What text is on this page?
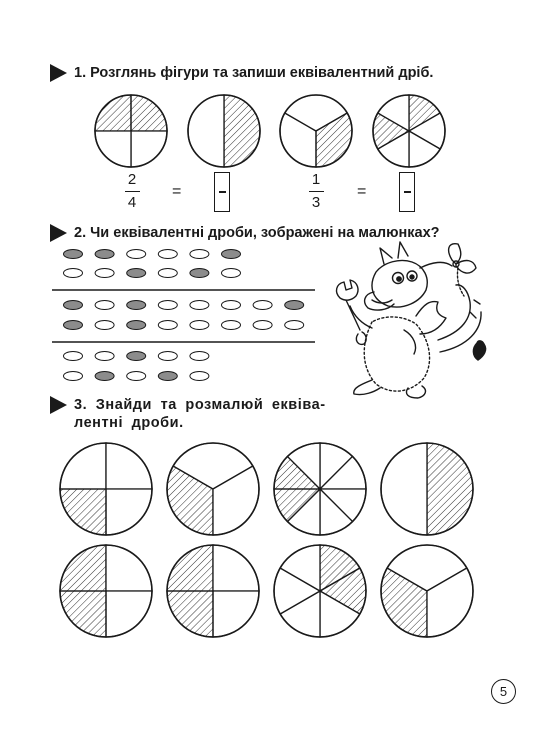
1. Розглянь фігури та запиши еквівалентний дріб.
2
4
=
1
3
=
2. Чи еквівалентні дроби, зображені на малюнках?
3. Знайди та розмалюй еквіва-
лентні дроби.
5
